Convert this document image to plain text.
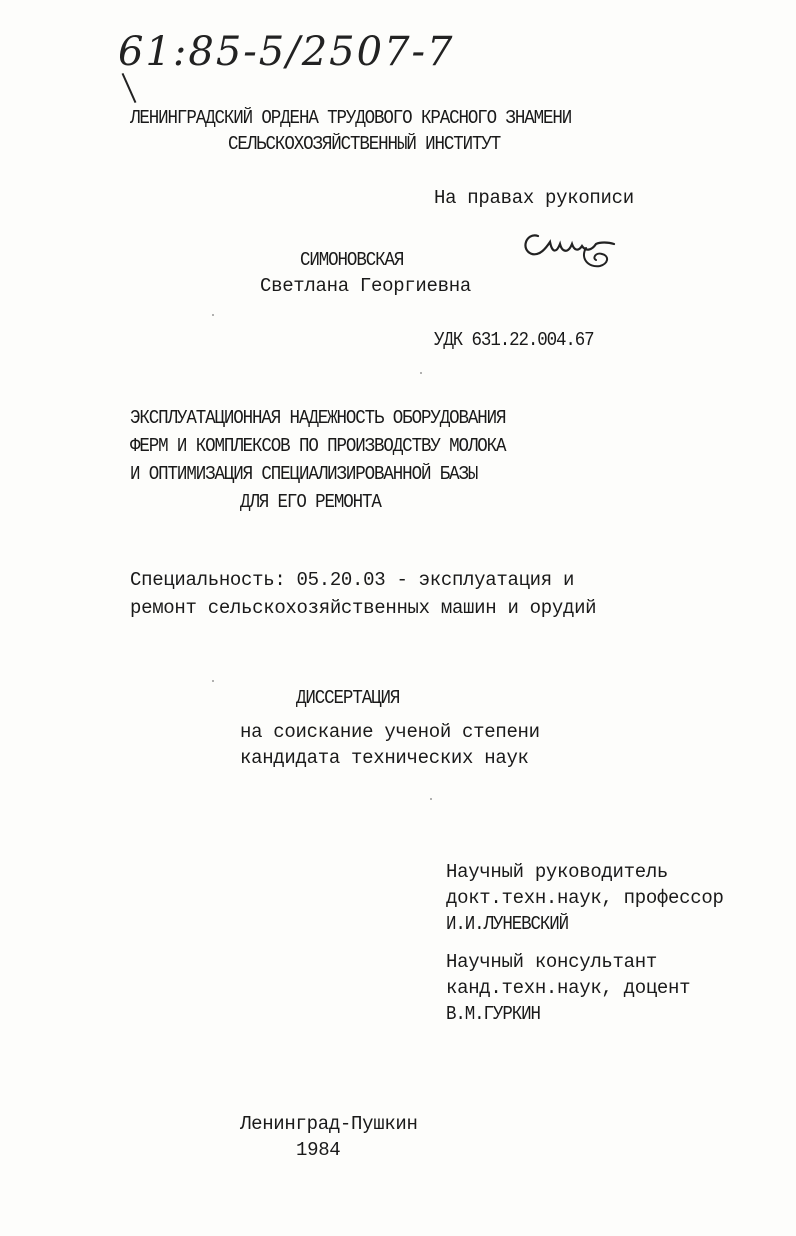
61:85-5/2507-7
ЛЕНИНГРАДСКИЙ ОРДЕНА ТРУДОВОГО КРАСНОГО ЗНАМЕНИ
СЕЛЬСКОХОЗЯЙСТВЕННЫЙ ИНСТИТУТ
На правах рукописи
СИМОНОВСКАЯ
Светлана Георгиевна
УДК 631.22.004.67
ЭКСПЛУАТАЦИОННАЯ НАДЕЖНОСТЬ ОБОРУДОВАНИЯ
ФЕРМ И КОМПЛЕКСОВ ПО ПРОИЗВОДСТВУ МОЛОКА
И ОПТИМИЗАЦИЯ СПЕЦИАЛИЗИРОВАННОЙ БАЗЫ
ДЛЯ ЕГО РЕМОНТА
Специальность: 05.20.03 - эксплуатация и
ремонт сельскохозяйственных машин и орудий
ДИССЕРТАЦИЯ
на соискание ученой степени
кандидата технических наук
Научный руководитель
докт.техн.наук, профессор
И.И.ЛУНЕВСКИЙ
Научный консультант
канд.техн.наук, доцент
В.М.ГУРКИН
Ленинград-Пушкин
1984
